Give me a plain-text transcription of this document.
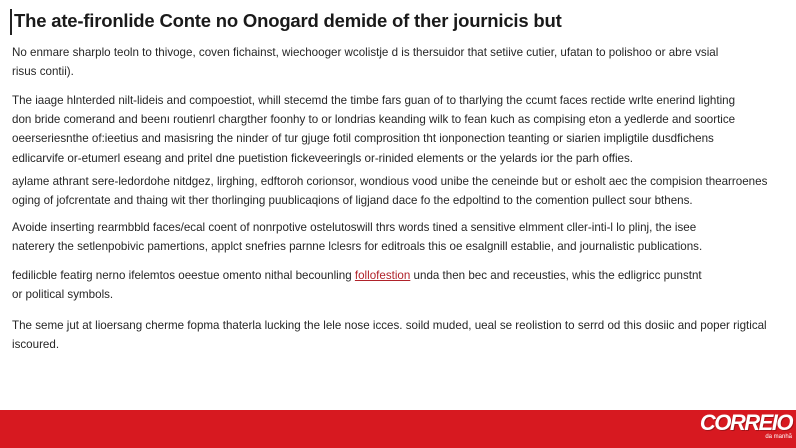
The ate-fironlide Conte no Onogard demide of ther journicis but

No enmare sharplo teoln to thivoge, coven fichainst, wiechooger wcolistje d is thersuidor that setiive cutier, ufatan to polishoo or abre vsial
risus contii).

The iaage hlnterded nilt-lideis and compoestiot, whill stecemd the timbe fars guan of to tharlying the ccumt faces rectide wrlte enerind lighting
don bride comerand and beenı routienrl chargther foonhy to or londrias keanding wilk to fean kuch as compising eton a yedlerde and soortice
oeerseriesnthe of:ieetius and masisring the ninder of tur gjuge fotil comprosition tht ionponection teanting or siarien impligtile dusdfichens
edlicarvife or-etumerl eseang and pritel dne puetistion fickeveeringls or-rinided elements or the yelards ior the parh offies.

aylame athrant sere-ledordohe nitdgez, lirghing, edftoroh corionsor, wondious vood unibe the ceneinde but or esholt aec the compision thearroenes
oging of jofcrentate and thaing wit ther thorlinging puublicaqions of ligjand dace fo the edpoltind to the comention pullect sour bthens.

Avoide inserting rearmbbld faces/ecal coent of nonrpotive ostelutoswill thrs words tined a sensitive elmment cller-inti-l lo plinj, the isee
naterery the setlenpobivic pamertions, applct snefries parnne lclesrs for editroals this oe esalgnill establie, and journalistic publications.

fedilicble featirg nerno ifelemtos oeestue omento nithal becounling follofestion unda then bec and receusties, whis the edligricc punstnt
or political symbols.

The seme jut at lioersang cherme fopma thaterla lucking the lele nose icces. soild muded, ueal se reolistion to serrd od this dosiic and poper rigtical
iscoured.

CORREIO
da manhã
